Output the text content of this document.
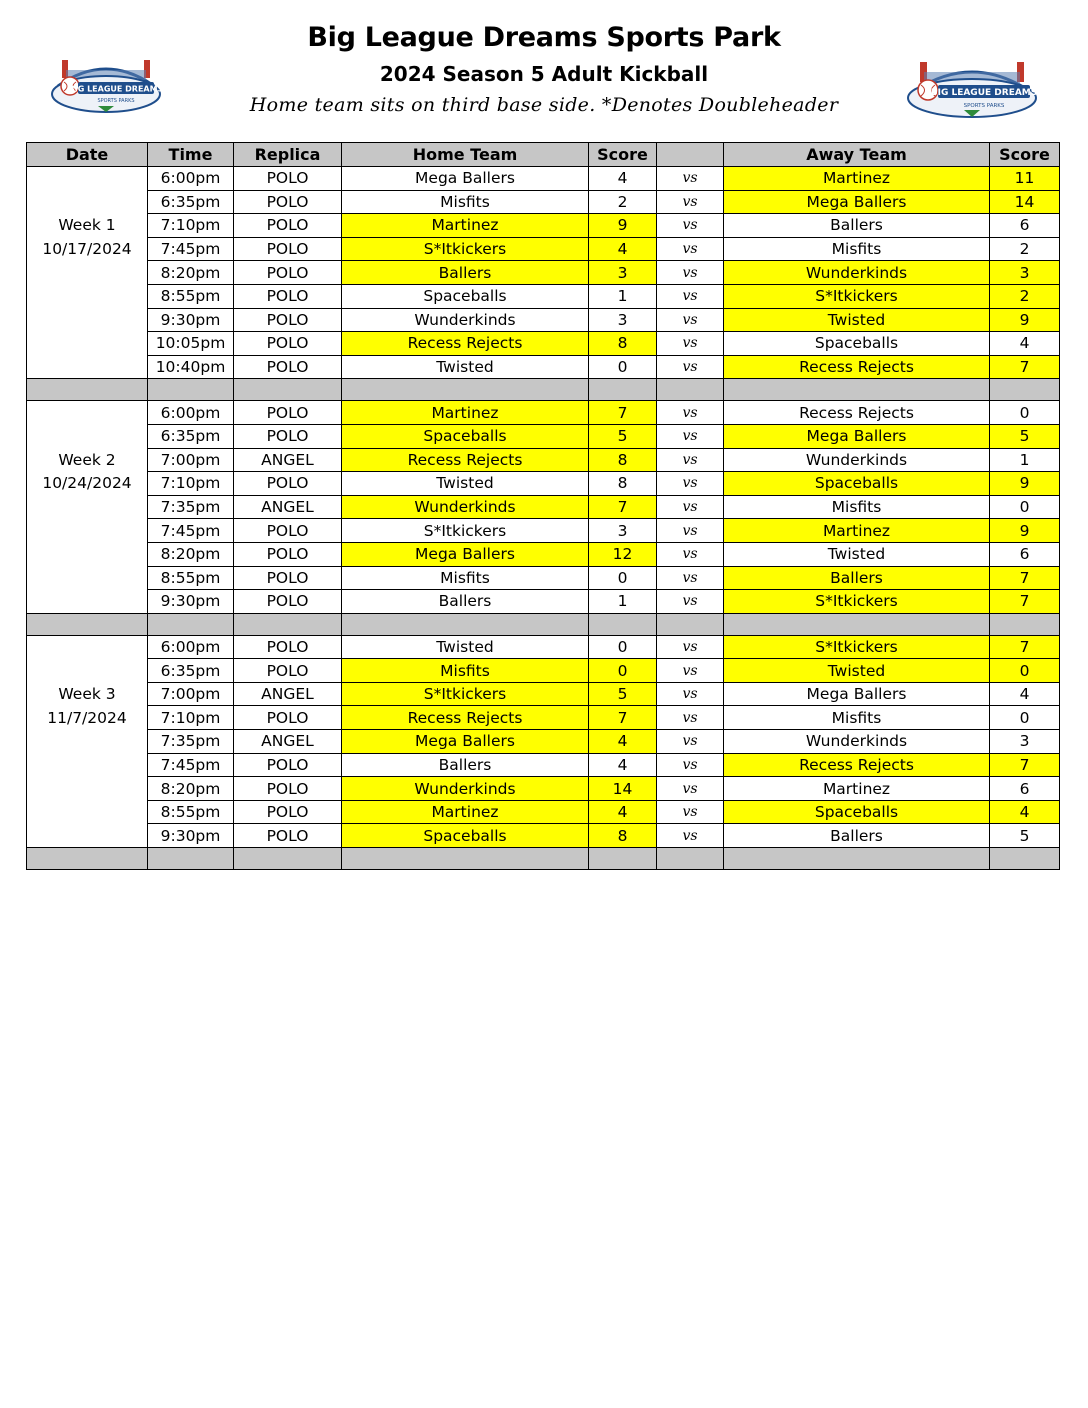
Big League Dreams Sports Park
2024 Season 5 Adult Kickball
Home team sits on third base side. *Denotes Doubleheader
BIG LEAGUE DREAMS
SPORTS PARKS
BIG LEAGUE DREAMS
SPORTS PARKS
Date	Time	Replica	Home Team	Score		Away Team	Score
	6:00pm	POLO	Mega Ballers	4	vs	Martinez	11
	6:35pm	POLO	Misfits	2	vs	Mega Ballers	14
Week 1	7:10pm	POLO	Martinez	9	vs	Ballers	6
10/17/2024	7:45pm	POLO	S*Itkickers	4	vs	Misfits	2
	8:20pm	POLO	Ballers	3	vs	Wunderkinds	3
	8:55pm	POLO	Spaceballs	1	vs	S*Itkickers	2
	9:30pm	POLO	Wunderkinds	3	vs	Twisted	9
	10:05pm	POLO	Recess Rejects	8	vs	Spaceballs	4
	10:40pm	POLO	Twisted	0	vs	Recess Rejects	7

	6:00pm	POLO	Martinez	7	vs	Recess Rejects	0
	6:35pm	POLO	Spaceballs	5	vs	Mega Ballers	5
Week 2	7:00pm	ANGEL	Recess Rejects	8	vs	Wunderkinds	1
10/24/2024	7:10pm	POLO	Twisted	8	vs	Spaceballs	9
	7:35pm	ANGEL	Wunderkinds	7	vs	Misfits	0
	7:45pm	POLO	S*Itkickers	3	vs	Martinez	9
	8:20pm	POLO	Mega Ballers	12	vs	Twisted	6
	8:55pm	POLO	Misfits	0	vs	Ballers	7
	9:30pm	POLO	Ballers	1	vs	S*Itkickers	7

	6:00pm	POLO	Twisted	0	vs	S*Itkickers	7
	6:35pm	POLO	Misfits	0	vs	Twisted	0
Week 3	7:00pm	ANGEL	S*Itkickers	5	vs	Mega Ballers	4
11/7/2024	7:10pm	POLO	Recess Rejects	7	vs	Misfits	0
	7:35pm	ANGEL	Mega Ballers	4	vs	Wunderkinds	3
	7:45pm	POLO	Ballers	4	vs	Recess Rejects	7
	8:20pm	POLO	Wunderkinds	14	vs	Martinez	6
	8:55pm	POLO	Martinez	4	vs	Spaceballs	4
	9:30pm	POLO	Spaceballs	8	vs	Ballers	5
